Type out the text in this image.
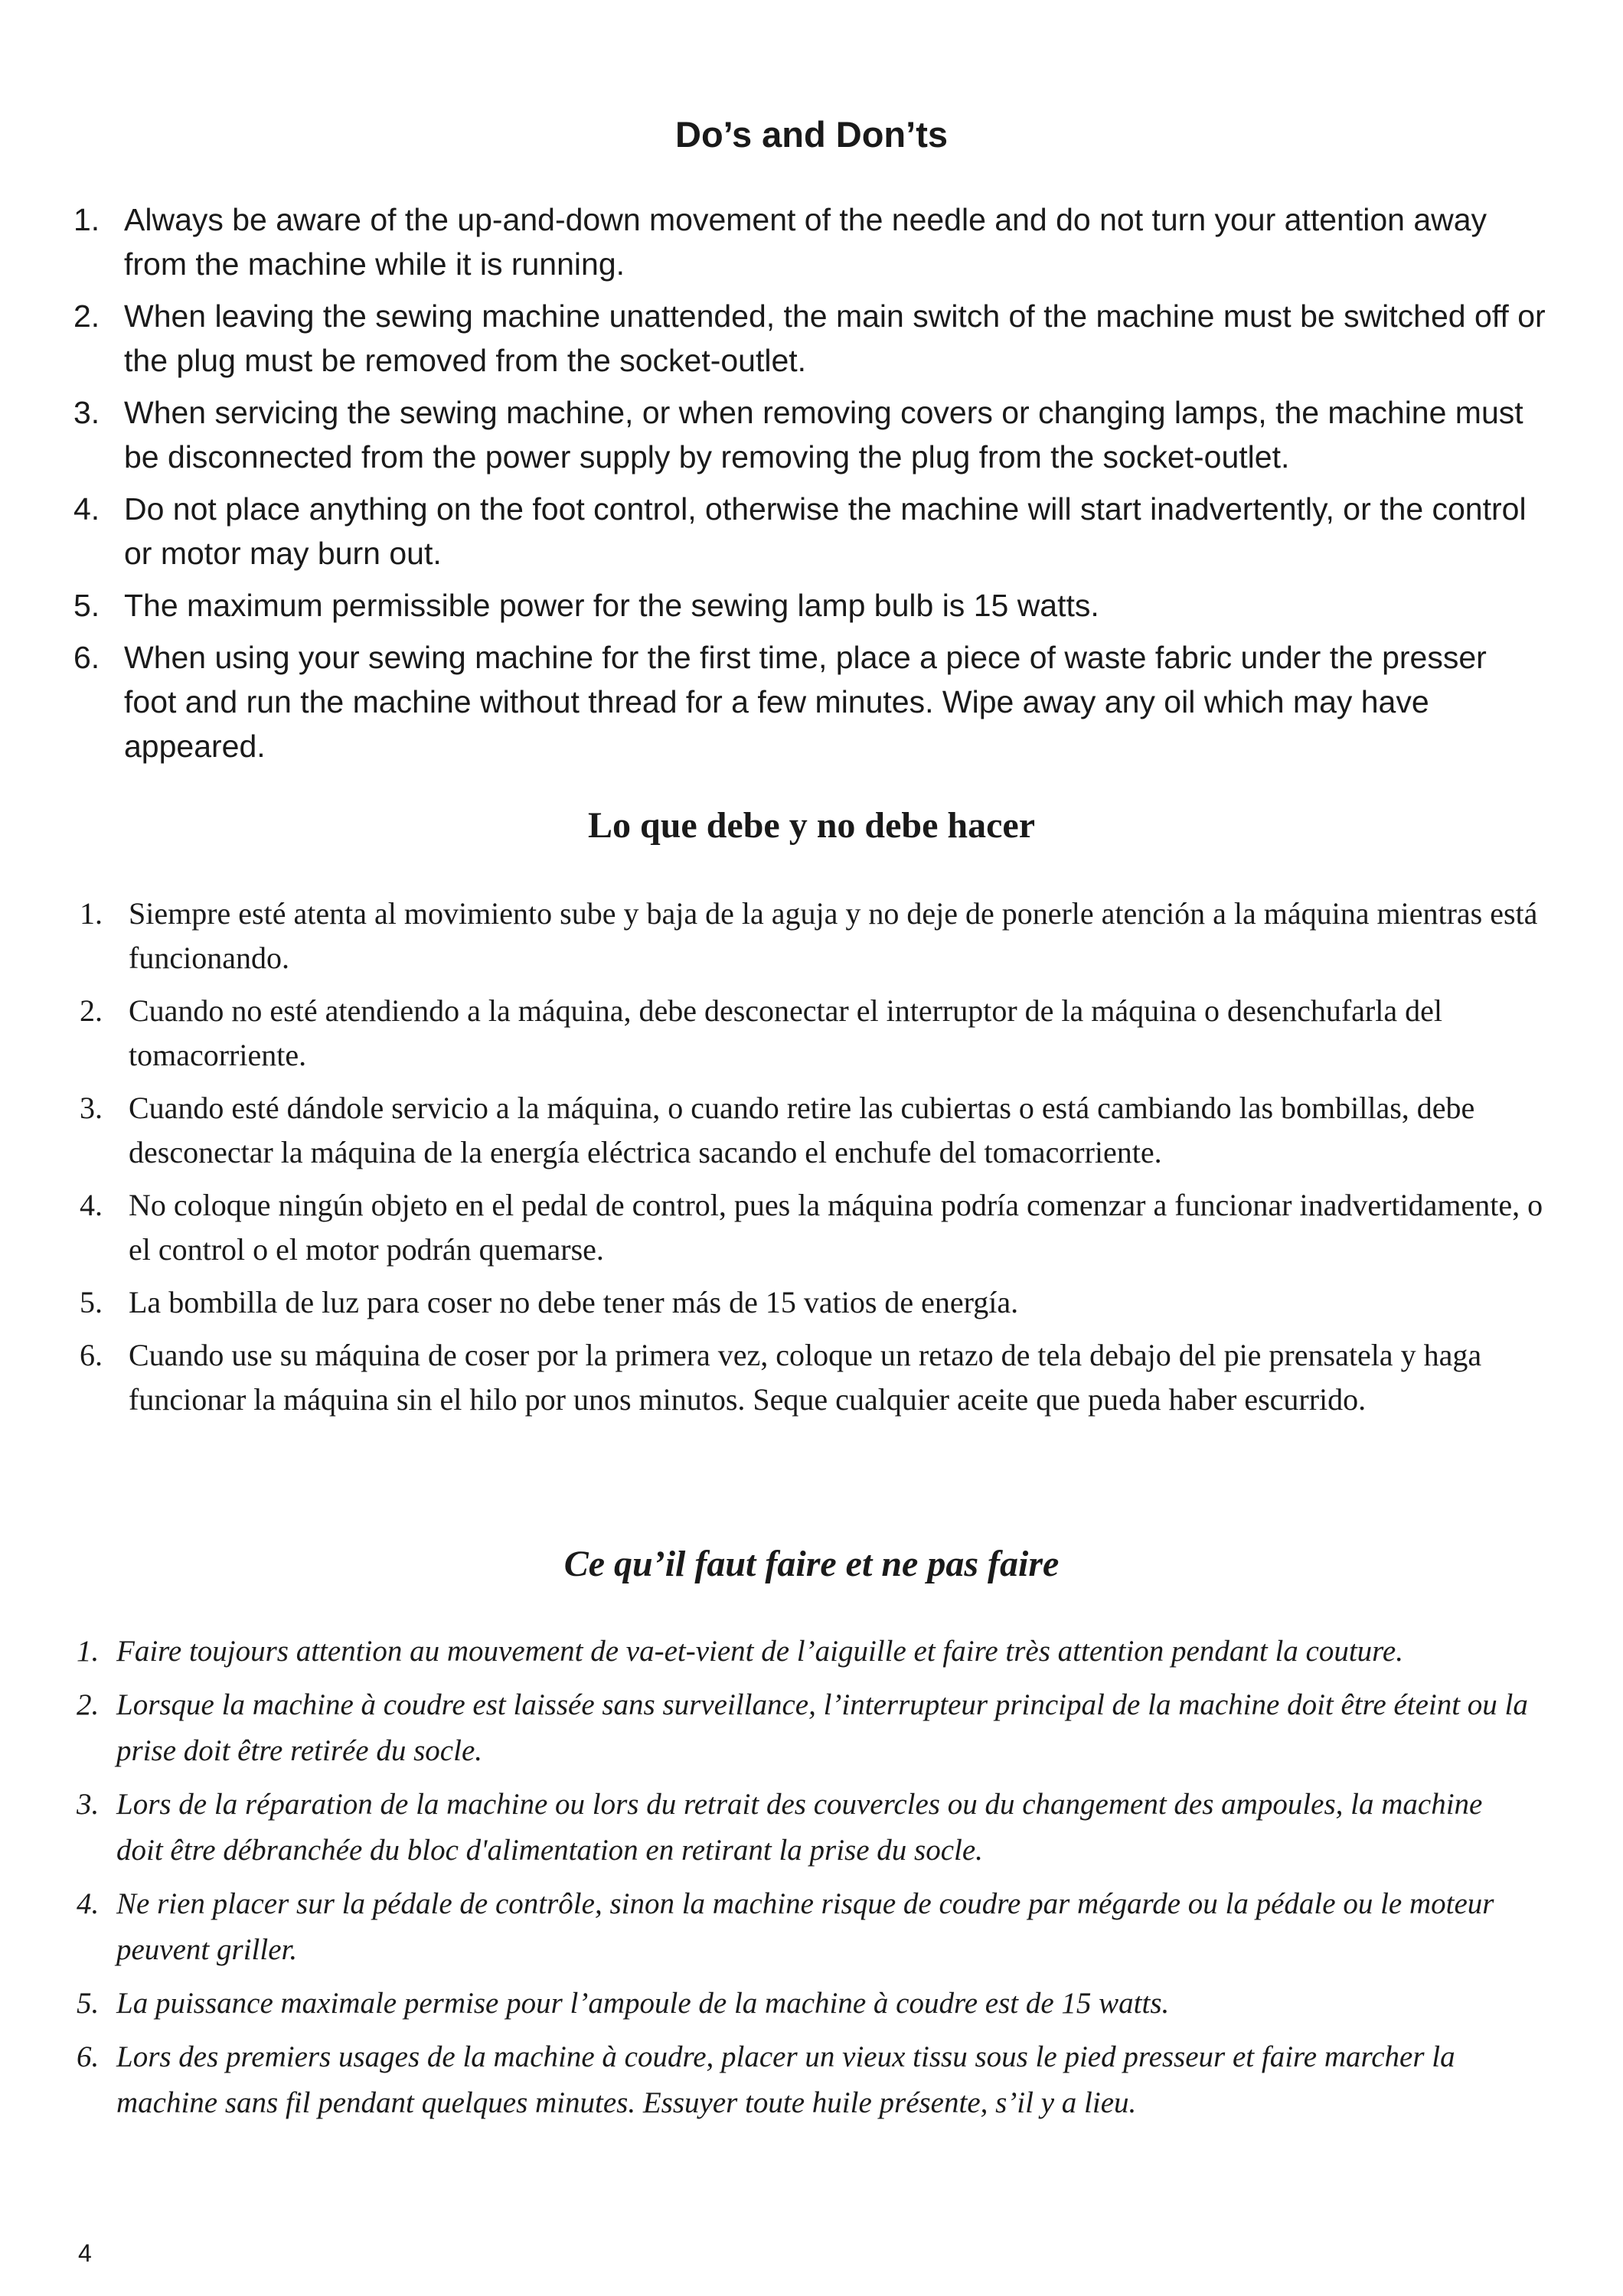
Do’s and Don’ts
1. Always be aware of the up-and-down movement of the needle and do not turn your attention away from the machine while it is running.
2. When leaving the sewing machine unattended, the main switch of the machine must be switched off or the plug must be removed from the socket-outlet.
3. When servicing the sewing machine, or when removing covers or changing lamps, the machine must be disconnected from the power supply by removing the plug from the socket-outlet.
4. Do not place anything on the foot control, otherwise the machine will start inadvertently, or the control or motor may burn out.
5. The maximum permissible power for the sewing lamp bulb is 15 watts.
6. When using your sewing machine for the first time, place a piece of waste fabric under the presser foot and run the machine without thread for a few minutes. Wipe away any oil which may have appeared.
Lo que debe y no debe hacer
1. Siempre esté atenta al movimiento sube y baja de la aguja y no deje de ponerle atención a la máquina mientras está funcionando.
2. Cuando no esté atendiendo a la máquina, debe desconectar el interruptor de la máquina o desenchufarla del tomacorriente.
3. Cuando esté dándole servicio a la máquina, o cuando retire las cubiertas o está cambiando las bombillas, debe desconectar la máquina de la energía eléctrica sacando el enchufe del tomacorriente.
4. No coloque ningún objeto en el pedal de control, pues la máquina podría comenzar a funcionar inadvertidamente, o el control o el motor podrán quemarse.
5. La bombilla de luz para coser no debe tener más de 15 vatios de energía.
6. Cuando use su máquina de coser por la primera vez, coloque un retazo de tela debajo del pie prensatela y haga funcionar la máquina sin el hilo por unos minutos. Seque cualquier aceite que pueda haber escurrido.
Ce qu’il faut faire et ne pas faire
1. Faire toujours attention au mouvement de va-et-vient de l’aiguille et faire très attention pendant la couture.
2. Lorsque la machine à coudre est laissée sans surveillance, l’interrupteur principal de la machine doit être éteint ou la prise doit être retirée du socle.
3. Lors de la réparation de la machine ou lors du retrait des couvercles ou du changement des ampoules, la machine doit être débranchée du bloc d'alimentation en retirant la prise du socle.
4. Ne rien placer sur la pédale de contrôle, sinon la machine risque de coudre par mégarde ou la pédale ou le moteur peuvent griller.
5. La puissance maximale permise pour l’ampoule de la machine à coudre est de 15 watts.
6. Lors des premiers usages de la machine à coudre, placer un vieux tissu sous le pied presseur et faire marcher la machine sans fil pendant quelques minutes. Essuyer toute huile présente, s’il y a lieu.
4
